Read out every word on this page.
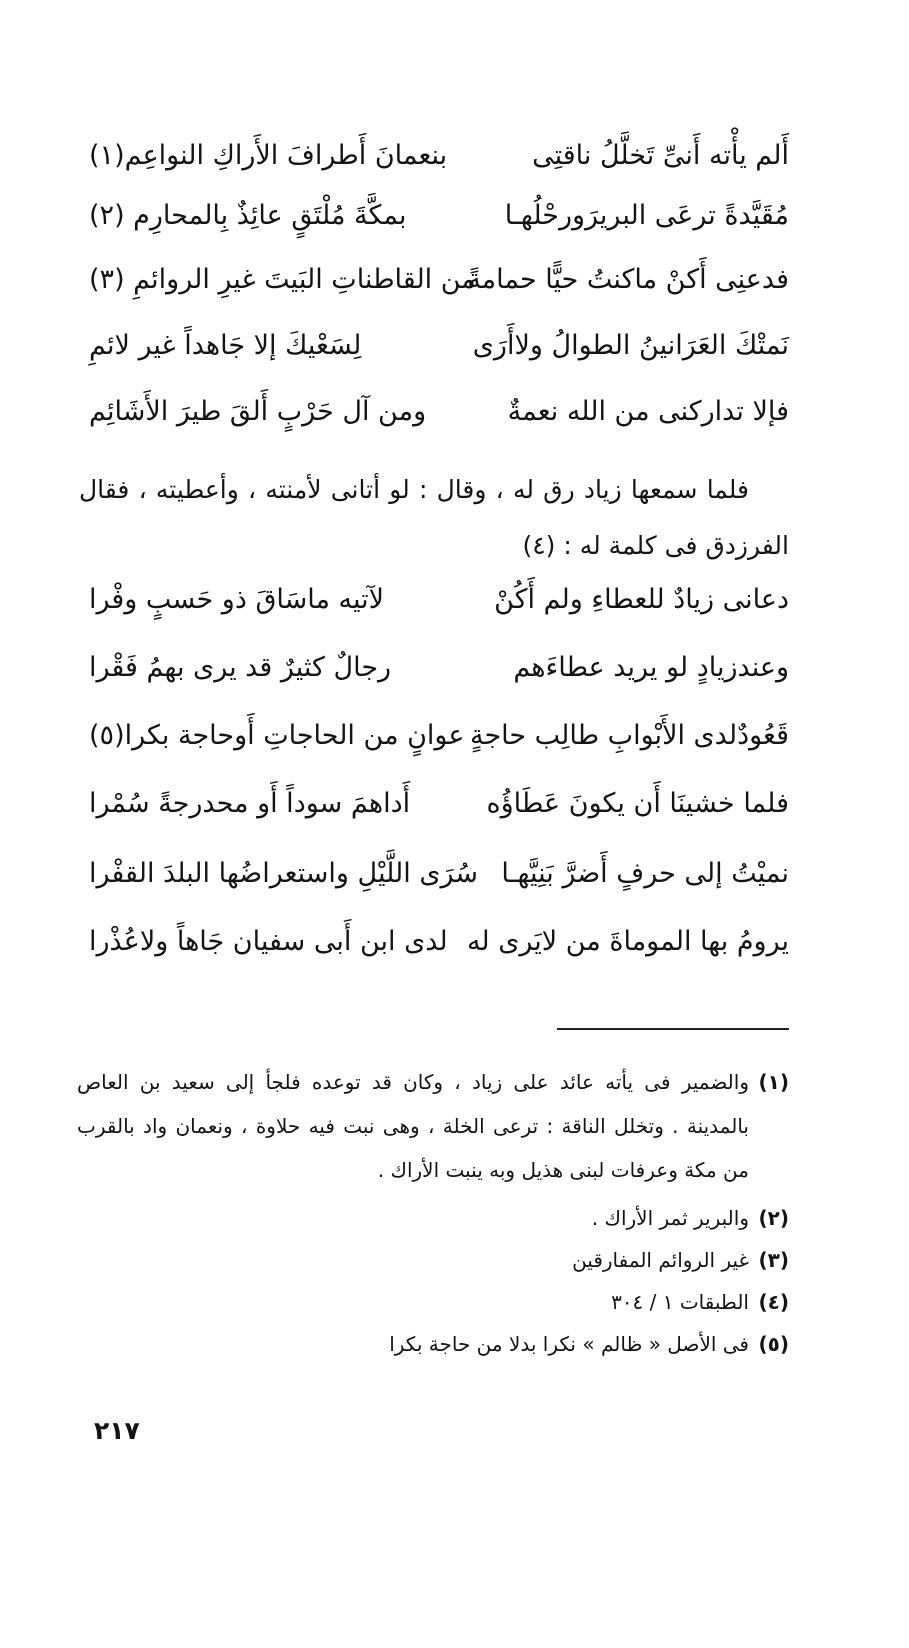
أَلم يأْته أَنىِّ تَخلَّلُ ناقتِى
بنعمانَ أَطرافَ الأَراكِ النواعِم(١)
مُقَيَّدةً ترعَى البريرَورحْلُهـا
بمكَّةَ مُلْتَقٍ عائِذٌ بِالمحارِم (٢)
فدعنِى أَكنْ ماكنتُ حيًّا حمامةً
من القاطناتِ البَيتَ غيرِ الروائمِ (٣)
نَمتْكَ العَرَانينُ الطوالُ ولاأَرَى
لِسَعْيكَ إلا جَاهداً غير لائمِ
فإلا تداركنى من الله نعمةٌ
ومن آل حَرْبٍ أَلقَ طيرَ الأَشَائِم
فلما سمعها زياد رق له ، وقال : لو أتانى لأمنته ، وأعطيته ، فقال الفرزدق فى كلمة له : (٤)
دعانى زيادٌ للعطاءِ ولم أَكُنْ
لآتيه ماسَاقَ ذو حَسبٍ وفْرا
وعندزيادٍ لو يريد عطاءَهم
رجالٌ كثيرٌ قد يرى بهمُ فَقْرا
قَعُودٌلدى الأَبْوابِ طالِب حاجةٍ
عوانٍ من الحاجاتِ أَوحاجة بكرا(٥)
فلما خشينَا أَن يكونَ عَطَاؤُه
أَداهمَ سوداً أَو محدرجةً سُمْرا
نميْتُ إلى حرفٍ أَضرَّ بَنِيَّهـا
سُرَى اللَّيْلِ واستعراضُها البلدَ القفْرا
يرومُ بها الموماةَ من لايَرى له
لدى ابن أَبى سفيان جَاهاً ولاعُذْرا
(١)
والضمير فى يأته عائد على زياد ، وكان قد توعده فلجأ إلى سعيد بن العاص بالمدينة . وتخلل الناقة : ترعى الخلة ، وهى نبت فيه حلاوة ، ونعمان واد بالقرب من مكة وعرفات لبنى هذيل وبه ينبت الأراك .
(٢)
والبرير ثمر الأراك .
(٣)
غير الروائم المفارقين
(٤)
الطبقات ١ / ٣٠٤
(٥)
فى الأصل « ظالم » نكرا بدلا من حاجة بكرا
٢١٧
